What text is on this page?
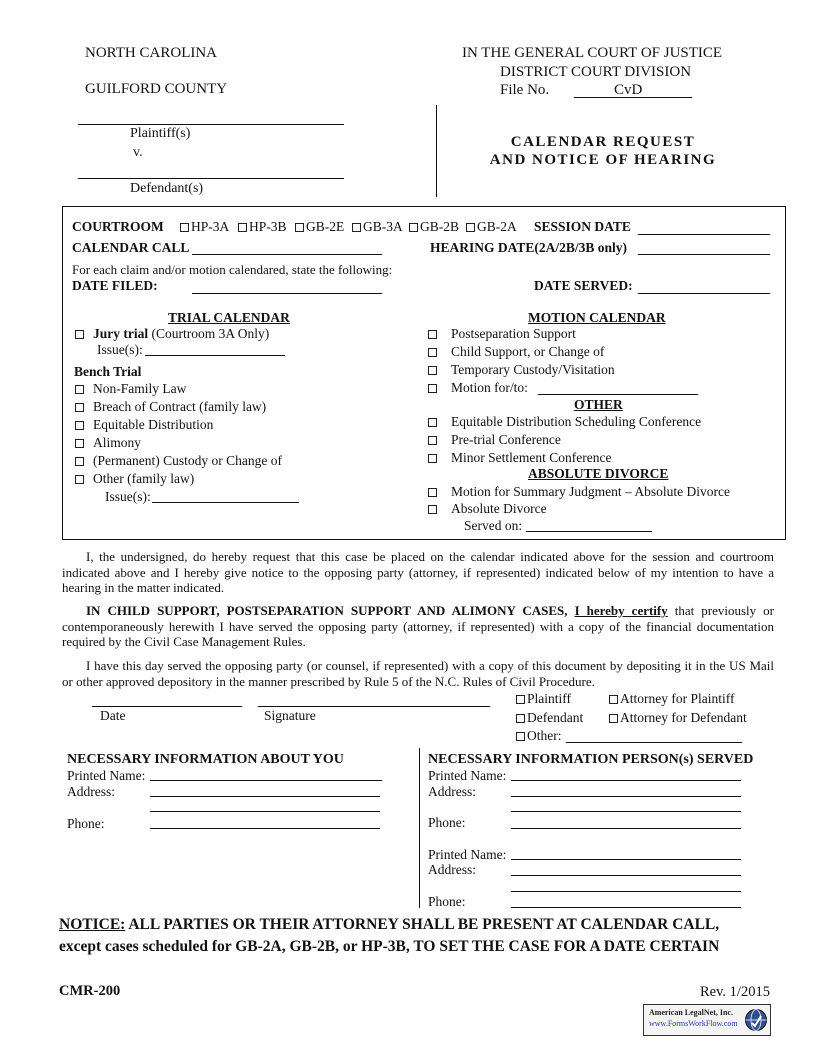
NORTH CAROLINA
GUILFORD COUNTY
IN THE GENERAL COURT OF JUSTICE
DISTRICT COURT DIVISION
File No.	CvD
Plaintiff(s)
v.
Defendant(s)
CALENDAR REQUEST
AND NOTICE OF HEARING
COURTROOM	HP-3A	HP-3B	GB-2E	GB-3A	GB-2B	GB-2A SESSION DATE
CALENDAR CALL	HEARING DATE(2A/2B/3B only)
For each claim and/or motion calendared, state the following:
DATE FILED:	DATE SERVED:
TRIAL CALENDAR
Jury trial (Courtroom 3A Only)
Issue(s):
Bench Trial
Non-Family Law
Breach of Contract (family law)
Equitable Distribution
Alimony
(Permanent) Custody or Change of
Other (family law)
Issue(s):
MOTION CALENDAR
Postseparation Support
Child Support, or Change of
Temporary Custody/Visitation
Motion for/to:
OTHER
Equitable Distribution Scheduling Conference
Pre-trial Conference
Minor Settlement Conference
ABSOLUTE DIVORCE
Motion for Summary Judgment – Absolute Divorce
Absolute Divorce
Served on:
I, the undersigned, do hereby request that this case be placed on the calendar indicated above for the session and courtroom indicated above and I hereby give notice to the opposing party (attorney, if represented) indicated below of my intention to have a hearing in the matter indicated.
IN CHILD SUPPORT, POSTSEPARATION SUPPORT AND ALIMONY CASES, I hereby certify that previously or contemporaneously herewith I have served the opposing party (attorney, if represented) with a copy of the financial documentation required by the Civil Case Management Rules.
I have this day served the opposing party (or counsel, if represented) with a copy of this document by depositing it in the US Mail or other approved depository in the manner prescribed by Rule 5 of the N.C. Rules of Civil Procedure.
Date	Signature
Plaintiff	Attorney for Plaintiff
Defendant	Attorney for Defendant
Other:
NECESSARY INFORMATION ABOUT YOU
Printed Name:
Address:
Phone:
NECESSARY INFORMATION PERSON(s) SERVED
Printed Name:
Address:
Phone:
Printed Name:
Address:
Phone:
NOTICE: ALL PARTIES OR THEIR ATTORNEY SHALL BE PRESENT AT CALENDAR CALL,
except cases scheduled for GB-2A, GB-2B, or HP-3B, TO SET THE CASE FOR A DATE CERTAIN
CMR-200	Rev. 1/2015
American LegalNet, Inc.
www.FormsWorkFlow.com
